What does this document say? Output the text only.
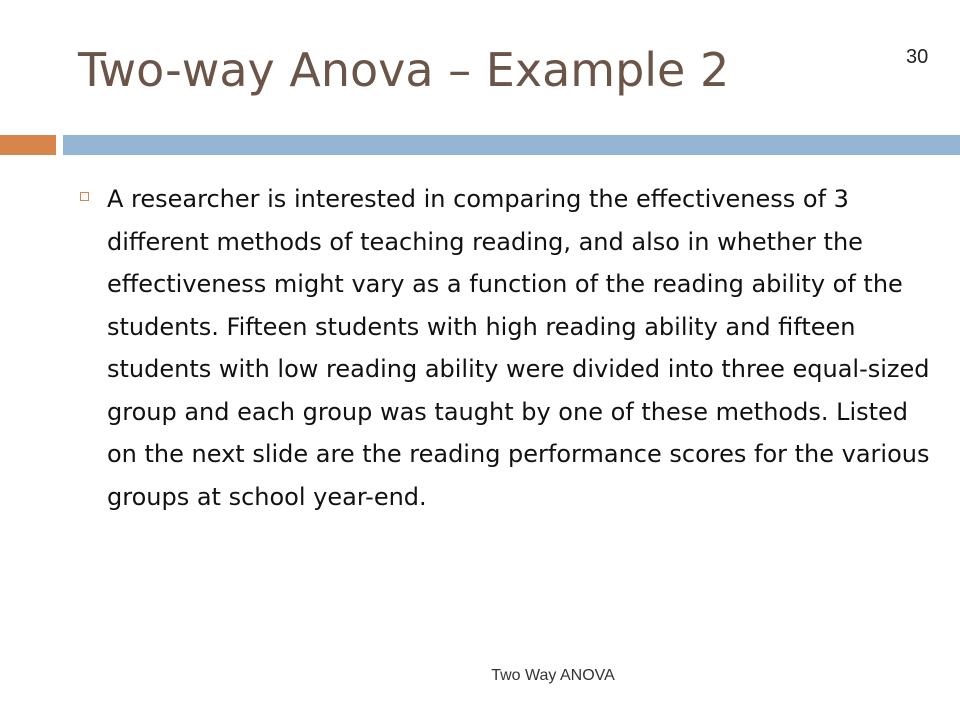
Two-way Anova – Example 2	30

A researcher is interested in comparing the effectiveness of 3 different methods of teaching reading, and also in whether the effectiveness might vary as a function of the reading ability of the students. Fifteen students with high reading ability and fifteen students with low reading ability were divided into three equal-sized group and each group was taught by one of these methods. Listed on the next slide are the reading performance scores for the various groups at school year-end.

Two Way ANOVA
